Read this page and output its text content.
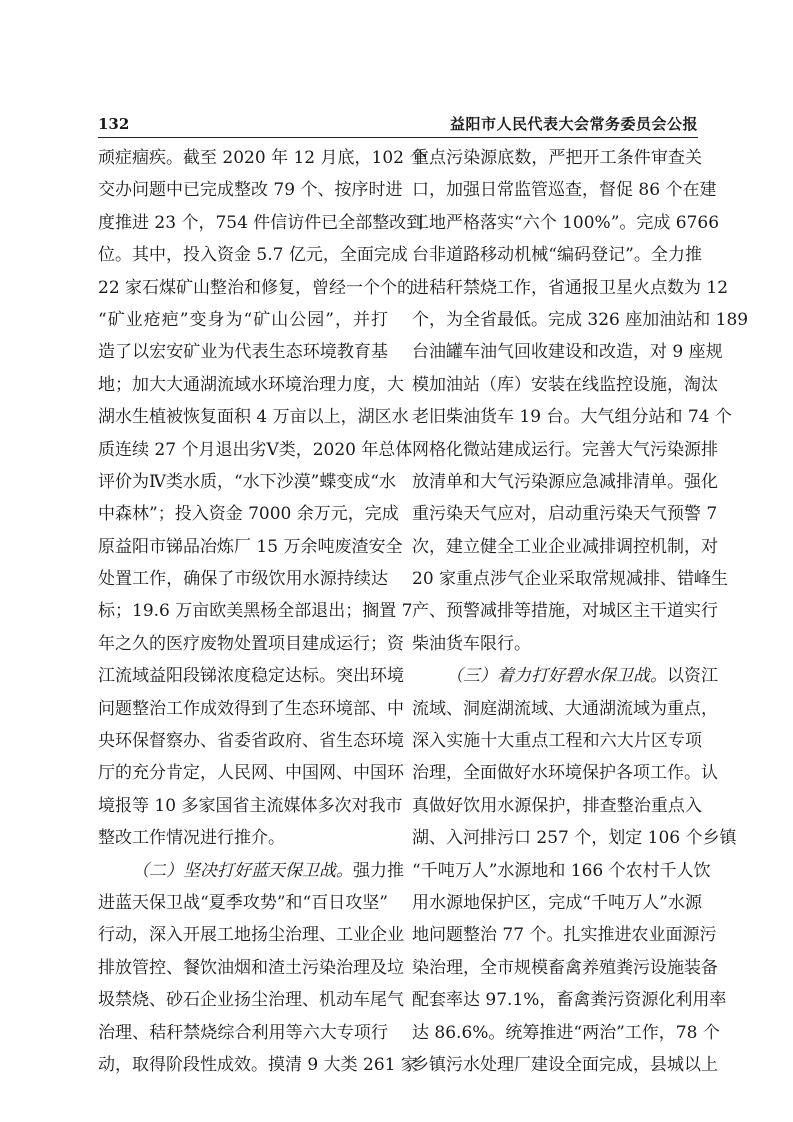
132	益阳市人民代表大会常务委员会公报
顽症痼疾。截至 2020 年 12 月底，102 个
交办问题中已完成整改 79 个、按序时进
度推进 23 个，754 件信访件已全部整改到
位。其中，投入资金 5.7 亿元，全面完成
22 家石煤矿山整治和修复，曾经一个个的
“矿业疮疤”变身为“矿山公园”，并打
造了以宏安矿业为代表生态环境教育基
地；加大大通湖流域水环境治理力度，大
湖水生植被恢复面积 4 万亩以上，湖区水
质连续 27 个月退出劣Ⅴ类，2020 年总体
评价为Ⅳ类水质，“水下沙漠”蝶变成“水
中森林”；投入资金 7000 余万元，完成
原益阳市锑品冶炼厂 15 万余吨废渣安全
处置工作，确保了市级饮用水源持续达
标；19.6 万亩欧美黑杨全部退出；搁置 7
年之久的医疗废物处置项目建成运行；资
江流域益阳段锑浓度稳定达标。突出环境
问题整治工作成效得到了生态环境部、中
央环保督察办、省委省政府、省生态环境
厅的充分肯定，人民网、中国网、中国环
境报等 10 多家国省主流媒体多次对我市
整改工作情况进行推介。
（二）坚决打好蓝天保卫战。强力推
进蓝天保卫战“夏季攻势”和“百日攻坚”
行动，深入开展工地扬尘治理、工业企业
排放管控、餐饮油烟和渣土污染治理及垃
圾禁烧、砂石企业扬尘治理、机动车尾气
治理、秸秆禁烧综合利用等六大专项行
动，取得阶段性成效。摸清 9 大类 261 家
重点污染源底数，严把开工条件审查关
口，加强日常监管巡查，督促 86 个在建
工地严格落实“六个 100%”。完成 6766
台非道路移动机械“编码登记”。全力推
进秸秆禁烧工作，省通报卫星火点数为 12
个，为全省最低。完成 326 座加油站和 189
台油罐车油气回收建设和改造，对 9 座规
模加油站（库）安装在线监控设施，淘汰
老旧柴油货车 19 台。大气组分站和 74 个
网格化微站建成运行。完善大气污染源排
放清单和大气污染源应急减排清单。强化
重污染天气应对，启动重污染天气预警 7
次，建立健全工业企业减排调控机制，对
20 家重点涉气企业采取常规减排、错峰生
产、预警减排等措施，对城区主干道实行
柴油货车限行。
（三）着力打好碧水保卫战。以资江
流域、洞庭湖流域、大通湖流域为重点，
深入实施十大重点工程和六大片区专项
治理，全面做好水环境保护各项工作。认
真做好饮用水源保护，排查整治重点入
湖、入河排污口 257 个，划定 106 个乡镇
“千吨万人”水源地和 166 个农村千人饮
用水源地保护区，完成“千吨万人”水源
地问题整治 77 个。扎实推进农业面源污
染治理，全市规模畜禽养殖粪污设施装备
配套率达 97.1%，畜禽粪污资源化利用率
达 86.6%。统筹推进“两治”工作，78 个
乡镇污水处理厂建设全面完成，县城以上
